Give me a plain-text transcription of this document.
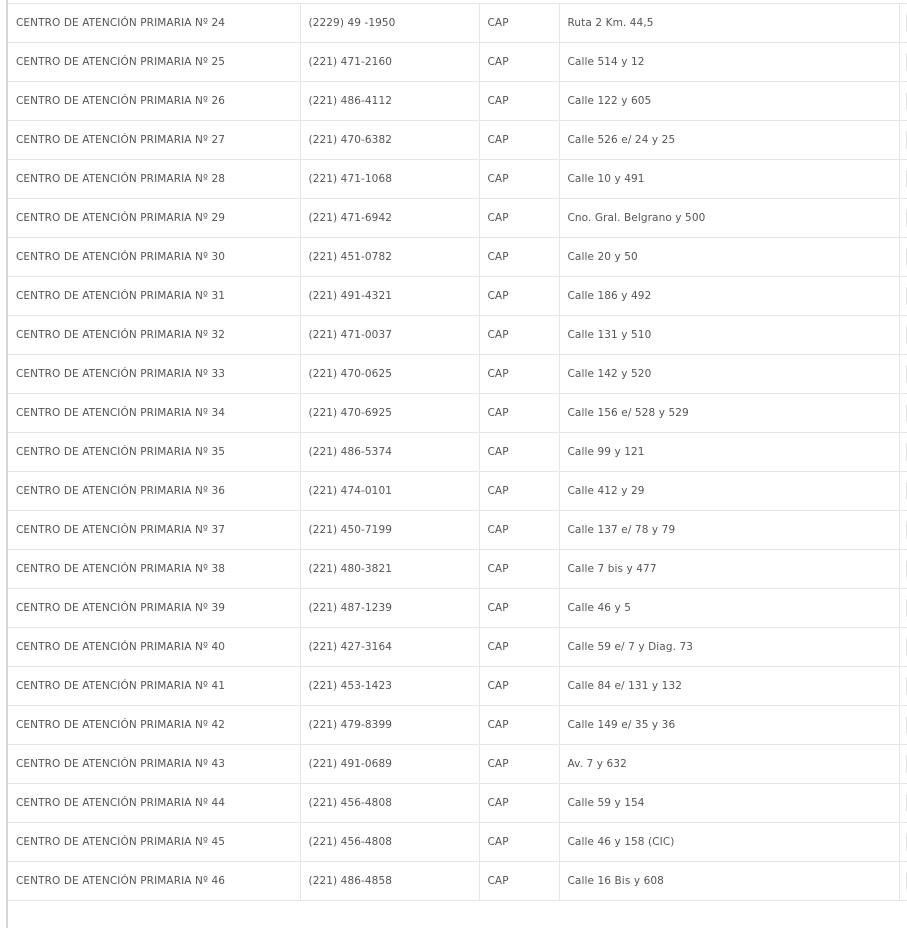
CENTRO DE ATENCIÓN PRIMARIA Nº 24	(2229) 49 -1950	CAP	Ruta 2 Km. 44,5	
CENTRO DE ATENCIÓN PRIMARIA Nº 25	(221) 471-2160	CAP	Calle 514 y 12	
CENTRO DE ATENCIÓN PRIMARIA Nº 26	(221) 486-4112	CAP	Calle 122 y 605	
CENTRO DE ATENCIÓN PRIMARIA Nº 27	(221) 470-6382	CAP	Calle 526 e/ 24 y 25	
CENTRO DE ATENCIÓN PRIMARIA Nº 28	(221) 471-1068	CAP	Calle 10 y 491	
CENTRO DE ATENCIÓN PRIMARIA Nº 29	(221) 471-6942	CAP	Cno. Gral. Belgrano y 500	
CENTRO DE ATENCIÓN PRIMARIA Nº 30	(221) 451-0782	CAP	Calle 20 y 50	
CENTRO DE ATENCIÓN PRIMARIA Nº 31	(221) 491-4321	CAP	Calle 186 y 492	
CENTRO DE ATENCIÓN PRIMARIA Nº 32	(221) 471-0037	CAP	Calle 131 y 510	
CENTRO DE ATENCIÓN PRIMARIA Nº 33	(221) 470-0625	CAP	Calle 142 y 520	
CENTRO DE ATENCIÓN PRIMARIA Nº 34	(221) 470-6925	CAP	Calle 156 e/ 528 y 529	
CENTRO DE ATENCIÓN PRIMARIA Nº 35	(221) 486-5374	CAP	Calle 99 y 121	
CENTRO DE ATENCIÓN PRIMARIA Nº 36	(221) 474-0101	CAP	Calle 412 y 29	
CENTRO DE ATENCIÓN PRIMARIA Nº 37	(221) 450-7199	CAP	Calle 137 e/ 78 y 79	
CENTRO DE ATENCIÓN PRIMARIA Nº 38	(221) 480-3821	CAP	Calle 7 bis y 477	
CENTRO DE ATENCIÓN PRIMARIA Nº 39	(221) 487-1239	CAP	Calle 46 y 5	
CENTRO DE ATENCIÓN PRIMARIA Nº 40	(221) 427-3164	CAP	Calle 59 e/ 7 y Diag. 73	
CENTRO DE ATENCIÓN PRIMARIA Nº 41	(221) 453-1423	CAP	Calle 84 e/ 131 y 132	
CENTRO DE ATENCIÓN PRIMARIA Nº 42	(221) 479-8399	CAP	Calle 149 e/ 35 y 36	
CENTRO DE ATENCIÓN PRIMARIA Nº 43	(221) 491-0689	CAP	Av. 7 y 632	
CENTRO DE ATENCIÓN PRIMARIA Nº 44	(221) 456-4808	CAP	Calle 59 y 154	
CENTRO DE ATENCIÓN PRIMARIA Nº 45	(221) 456-4808	CAP	Calle 46 y 158 (CIC)	
CENTRO DE ATENCIÓN PRIMARIA Nº 46	(221) 486-4858	CAP	Calle 16 Bis y 608	
